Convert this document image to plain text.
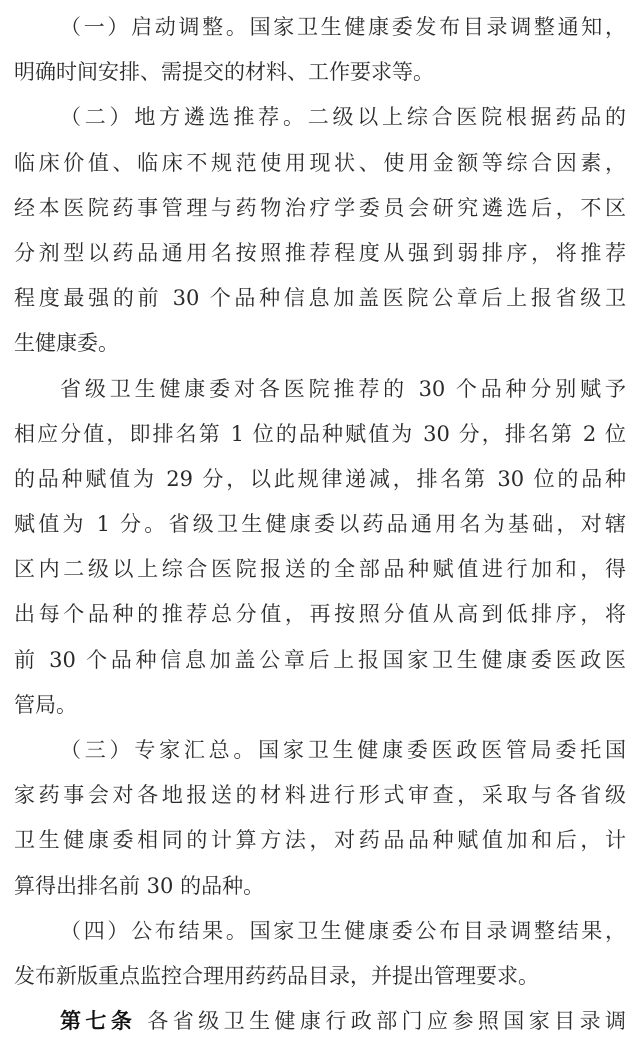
（一）启动调整。国家卫生健康委发布目录调整通知，
明确时间安排、需提交的材料、工作要求等。
（二）地方遴选推荐。二级以上综合医院根据药品的
临床价值、临床不规范使用现状、使用金额等综合因素，
经本医院药事管理与药物治疗学委员会研究遴选后，不区
分剂型以药品通用名按照推荐程度从强到弱排序，将推荐
程度最强的前 30 个品种信息加盖医院公章后上报省级卫
生健康委。
省级卫生健康委对各医院推荐的 30 个品种分别赋予
相应分值，即排名第 1 位的品种赋值为 30 分，排名第 2 位
的品种赋值为 29 分，以此规律递减，排名第 30 位的品种
赋值为 1 分。省级卫生健康委以药品通用名为基础，对辖
区内二级以上综合医院报送的全部品种赋值进行加和，得
出每个品种的推荐总分值，再按照分值从高到低排序，将
前 30 个品种信息加盖公章后上报国家卫生健康委医政医
管局。
（三）专家汇总。国家卫生健康委医政医管局委托国
家药事会对各地报送的材料进行形式审查，采取与各省级
卫生健康委相同的计算方法，对药品品种赋值加和后，计
算得出排名前 30 的品种。
（四）公布结果。国家卫生健康委公布目录调整结果，
发布新版重点监控合理用药药品目录，并提出管理要求。
第七条 各省级卫生健康行政部门应参照国家目录调
